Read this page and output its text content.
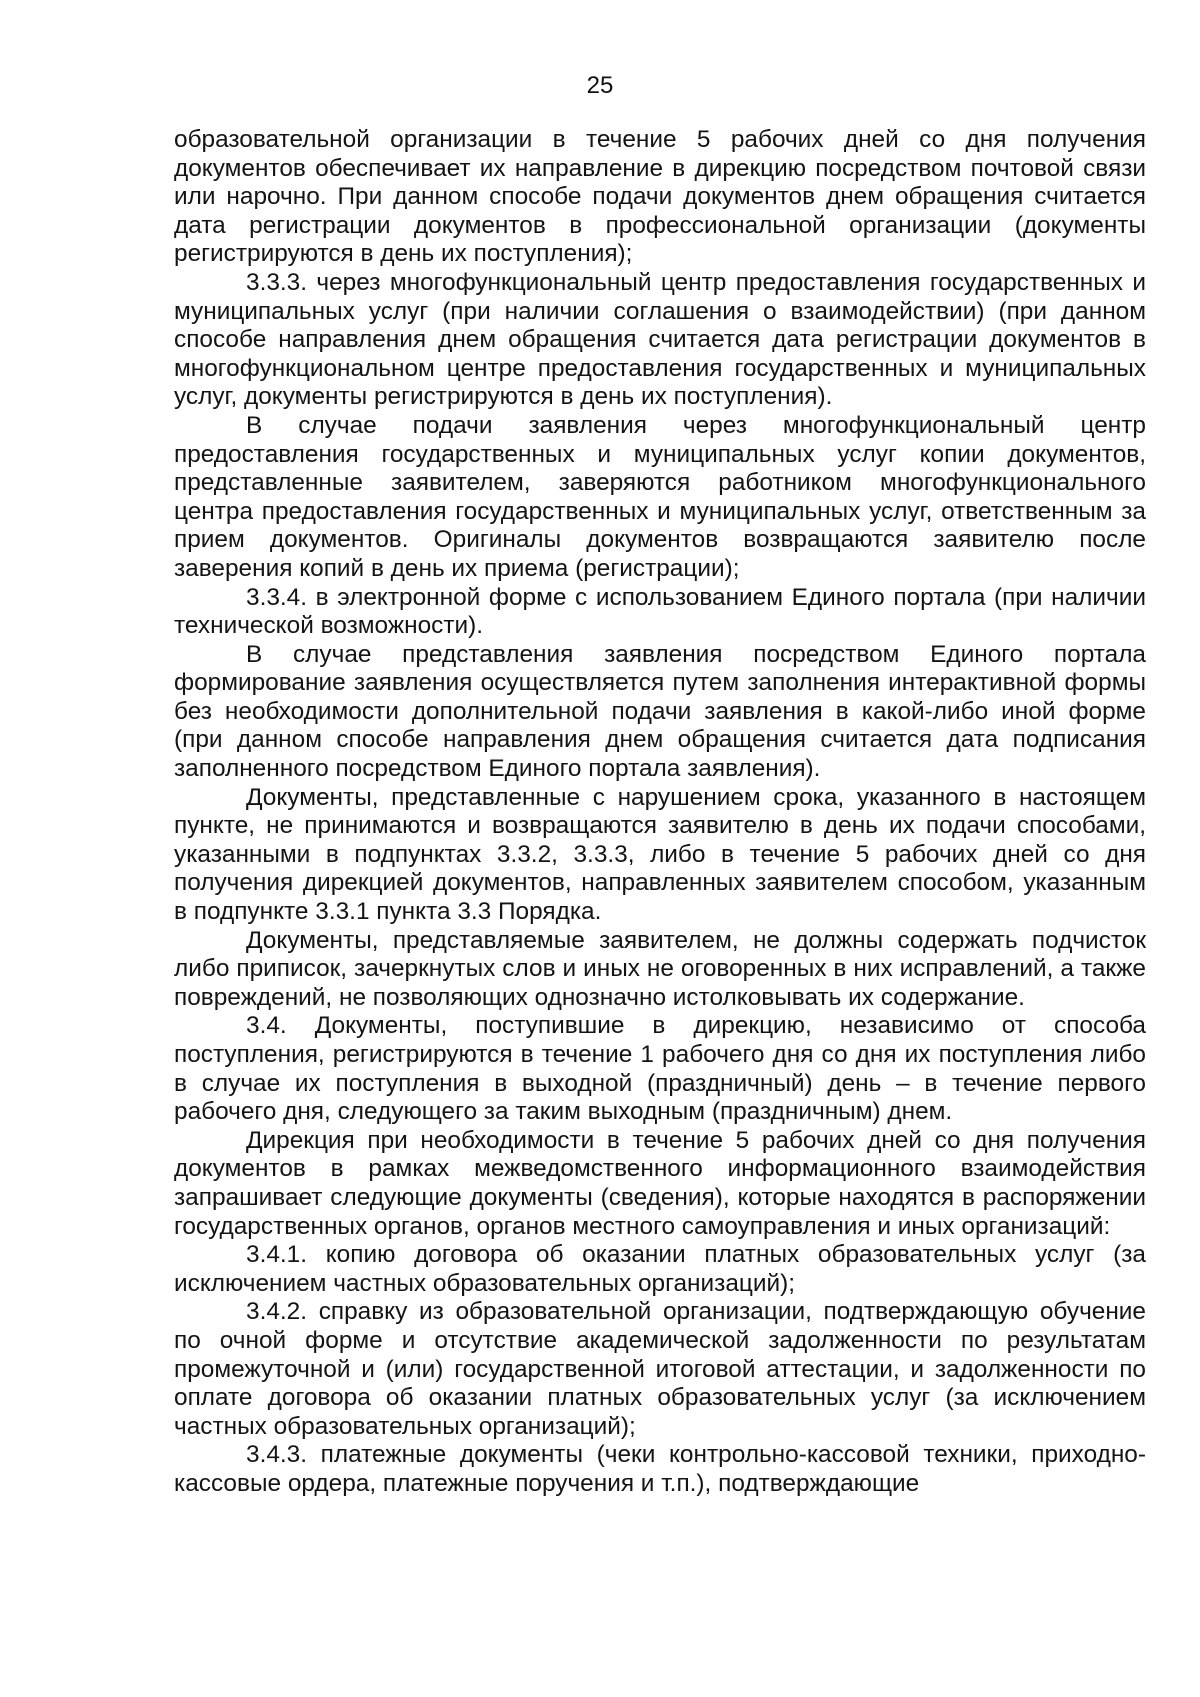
25

образовательной организации в течение 5 рабочих дней со дня получения документов обеспечивает их направление в дирекцию посредством почтовой связи или нарочно. При данном способе подачи документов днем обращения считается дата регистрации документов в профессиональной организации (документы регистрируются в день их поступления);

3.3.3. через многофункциональный центр предоставления государственных и муниципальных услуг (при наличии соглашения о взаимодействии) (при данном способе направления днем обращения считается дата регистрации документов в многофункциональном центре предоставления государственных и муниципальных услуг, документы регистрируются в день их поступления).

В случае подачи заявления через многофункциональный центр предоставления государственных и муниципальных услуг копии документов, представленные заявителем, заверяются работником многофункционального центра предоставления государственных и муниципальных услуг, ответственным за прием документов. Оригиналы документов возвращаются заявителю после заверения копий в день их приема (регистрации);

3.3.4. в электронной форме с использованием Единого портала (при наличии технической возможности).

В случае представления заявления посредством Единого портала формирование заявления осуществляется путем заполнения интерактивной формы без необходимости дополнительной подачи заявления в какой-либо иной форме (при данном способе направления днем обращения считается дата подписания заполненного посредством Единого портала заявления).

Документы, представленные с нарушением срока, указанного в настоящем пункте, не принимаются и возвращаются заявителю в день их подачи способами, указанными в подпунктах 3.3.2, 3.3.3, либо в течение 5 рабочих дней со дня получения дирекцией документов, направленных заявителем способом, указанным в подпункте 3.3.1 пункта 3.3 Порядка.

Документы, представляемые заявителем, не должны содержать подчисток либо приписок, зачеркнутых слов и иных не оговоренных в них исправлений, а также повреждений, не позволяющих однозначно истолковывать их содержание.

3.4. Документы, поступившие в дирекцию, независимо от способа поступления, регистрируются в течение 1 рабочего дня со дня их поступления либо в случае их поступления в выходной (праздничный) день – в течение первого рабочего дня, следующего за таким выходным (праздничным) днем.

Дирекция при необходимости в течение 5 рабочих дней со дня получения документов в рамках межведомственного информационного взаимодействия запрашивает следующие документы (сведения), которые находятся в распоряжении государственных органов, органов местного самоуправления и иных организаций:

3.4.1. копию договора об оказании платных образовательных услуг (за исключением частных образовательных организаций);

3.4.2. справку из образовательной организации, подтверждающую обучение по очной форме и отсутствие академической задолженности по результатам промежуточной и (или) государственной итоговой аттестации, и задолженности по оплате договора об оказании платных образовательных услуг (за исключением частных образовательных организаций);

3.4.3. платежные документы (чеки контрольно-кассовой техники, приходно-кассовые ордера, платежные поручения и т.п.), подтверждающие
